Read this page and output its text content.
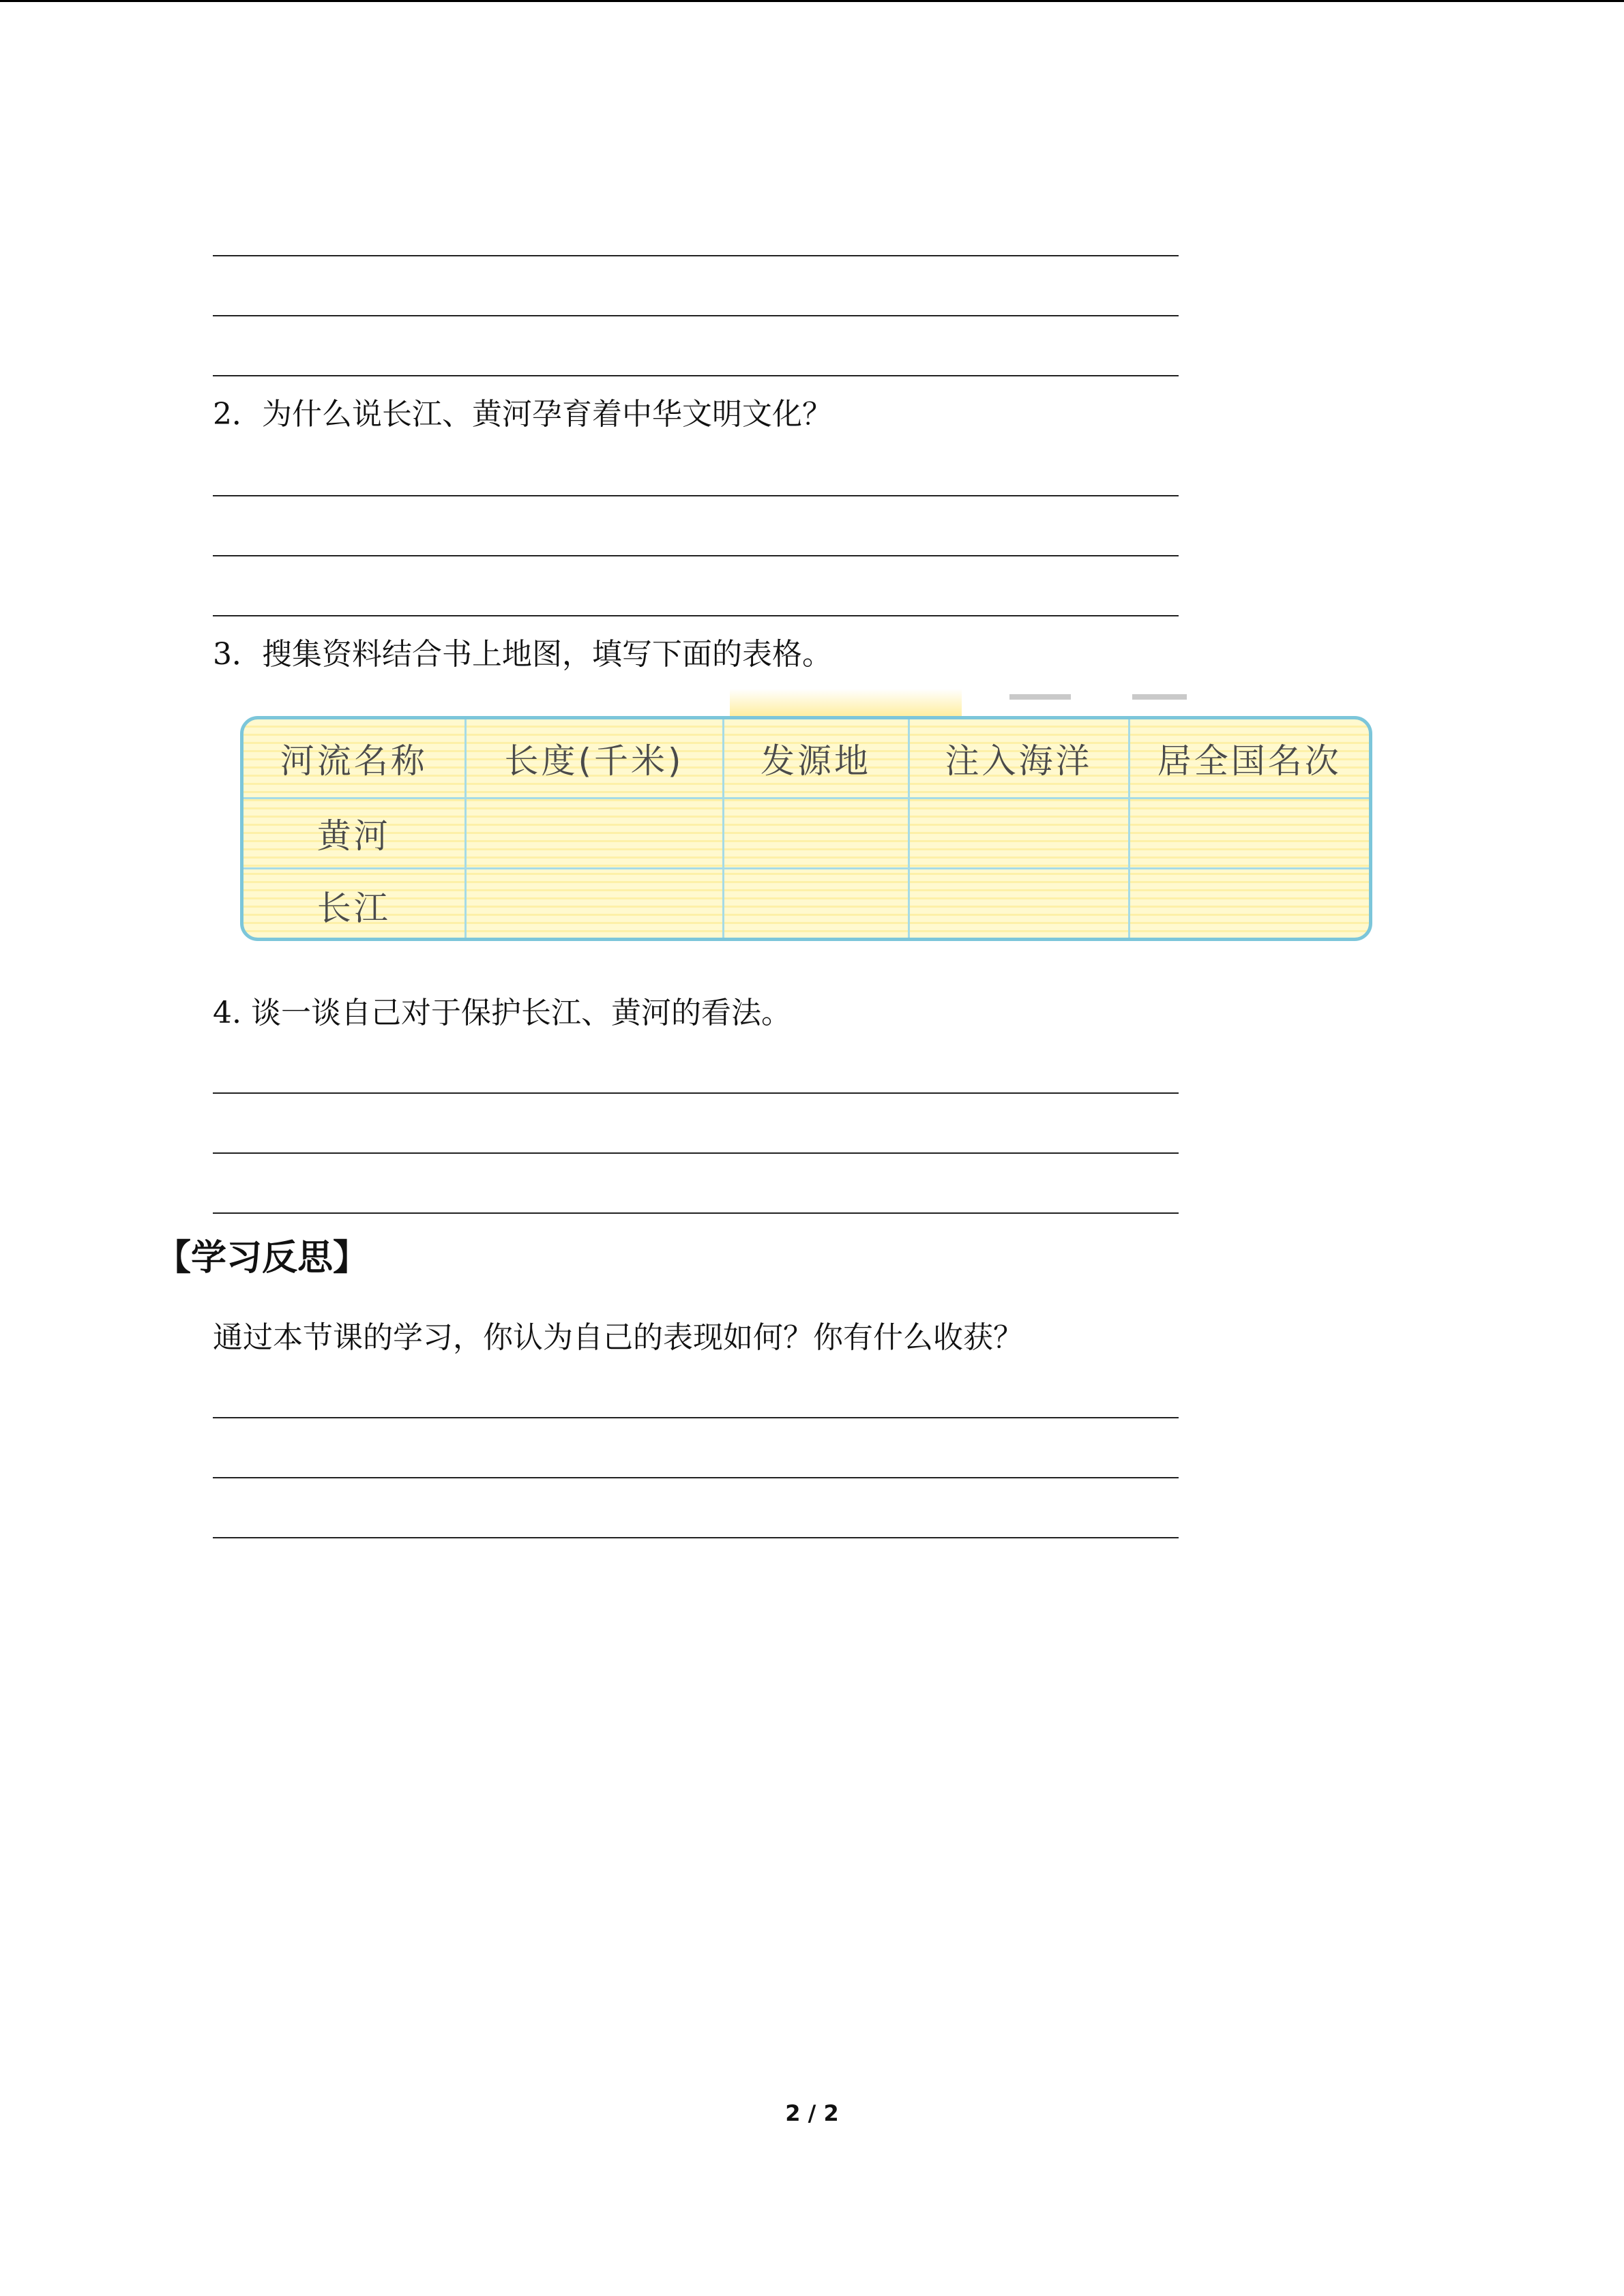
2．为什么说长江、黄河孕育着中华文明文化？
3．搜集资料结合书上地图，填写下面的表格。
河流名称	长度(千米)	发源地	注入海洋	居全国名次
黄河				
长江				
4. 谈一谈自己对于保护长江、黄河的看法。
【学习反思】
通过本节课的学习，你认为自己的表现如何？你有什么收获？
2 / 2
